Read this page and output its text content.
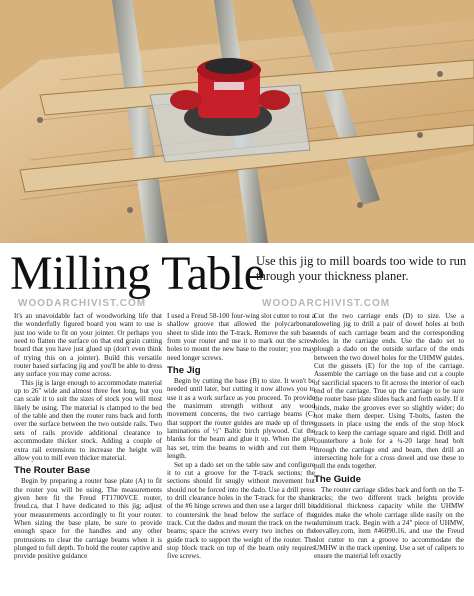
Milling Table
Use this jig to mill boards too wide to run through your thickness planer.
WOODARCHIVIST.COM	WOODARCHIVIST.COM

It's an unavoidable fact of woodworking life that the wonderfully figured board you want to use is just too wide to fit on your jointer. Or perhaps you need to flatten the surface on that end grain cutting board that you have just glued up (don't even think of trying this on a jointer). Build this versatile router based surfacing jig and you'll be able to dress any surface you may come across.

This jig is large enough to accommodate material up to 26" wide and almost three feet long, but you can scale it to suit the sizes of stock you will most likely be using. The material is clamped to the bed of the table and then the router runs back and forth over the surface between the two outside rails. Two sets of rails provide additional clearance to accommodate thicker stock. Adding a couple of extra rail extensions to increase the height will allow you to mill even thicker material.

The Router Base

Begin by preparing a router base plate (A) to fit the router you will be using. The measurements given here fit the Freud FT1700VCE router, freud.ca, that I have dedicated to this jig; adjust your measurements accordingly to fit your router. When sizing the base plate, be sure to provide enough space for the handles and any other protrusions to clear the carriage beams when it is plunged to full depth. To hold the router captive and provide positive guidance

I used a Freud 58-100 four-wing slot cutter to rout a shallow groove that allowed the polycarbonate sheet to slide into the T-track. Remove the sub base from your router and use it to mark out the screw holes to mount the new base to the router; you may need longer screws.

The Jig

Begin by cutting the base (B) to size. It won't be needed until later, but cutting it now allows you to use it as a work surface as you proceed. To provide the maximum strength without any wood movement concerns, the two carriage beams (C) that support the router guides are made up of three laminations of ½" Baltic birch plywood. Cut the blanks for the beam and glue it up. When the glue has set, trim the beams to width and cut them to length.

Set up a dado set on the table saw and configure it to cut a groove for the T-track sections; the sections should fit snugly without movement but should not be forced into the dado. Use a drill press to drill clearance holes in the T-track for the shank of the #6 hinge screws and then use a larger drill bit to countersink the head below the surface of the track. Cut the dados and mount the track on the two beams; space the screws every two inches on the guide track to support the weight of the router. The stop block track on top of the beam only requires five screws.

Cut the two carriage ends (D) to size. Use a doweling jig to drill a pair of dowel holes at both ends of each carriage beam and the corresponding holes in the carriage ends. Use the dado set to plough a dado on the outside surface of the ends between the two dowel holes for the UHMW guides. Cut the gussets (E) for the top of the carriage. Assemble the carriage on the base and cut a couple of sacrificial spacers to fit across the interior of each end of the carriage. True up the carriage to be sure the router base plate slides back and forth easily. If it binds, make the grooves ever so slightly wider; do not make them deeper. Using T-bolts, fasten the gussets in place using the ends of the stop block track to keep the carriage square and rigid. Drill and counterbore a hole for a ¼-20 large head bolt through the carriage end and beam, then drill an intersecting hole for a cross dowel and use these to pull the ends together.

The Guide

The router carriage slides back and forth on the T- tracks; the two different track heights provide additional thickness capacity while the UHMW guides make the whole carriage slide easily on the aluminum track. Begin with a 24" piece of UHMW, leevalley.com, item #46090.16, and use the Freud slot cutter to run a groove to accommodate the UMHW in the track opening. Use a set of calipers to ensure the material left exactly
